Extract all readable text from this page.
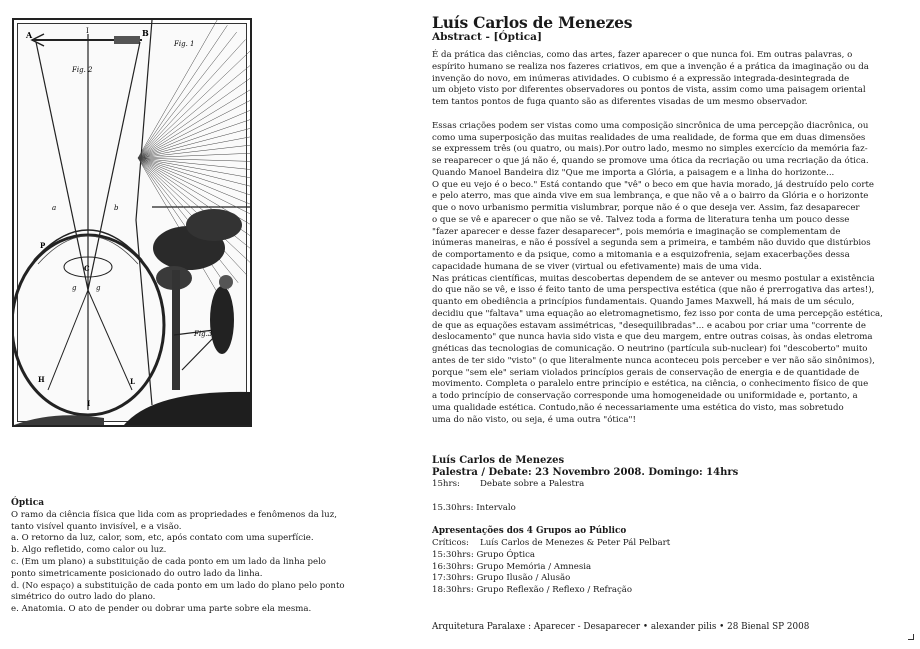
A	B
I
Fig. 1
Fig. 2
Fig.3
a	b
P
C
g	g
H	L
I
Óptica
O ramo da ciência física que lida com as propriedades e fenômenos da luz,
tanto visível quanto invisível, e a visão.
a. O retorno da luz, calor, som, etc, após contato com uma superfície.
b. Algo refletido, como calor ou luz.
c. (Em um plano) a substituição de cada ponto em um lado da linha pelo
ponto simetricamente posicionado do outro lado da linha.
d. (No espaço) a substituição de cada ponto em um lado do plano pelo ponto
simétrico do outro lado do plano.
e. Anatomia. O ato de pender ou dobrar uma parte sobre ela mesma.
Luís Carlos de Menezes
Abstract - [Óptica]
É da prática das ciências, como das artes, fazer aparecer o que nunca foi. Em outras palavras, o
espírito humano se realiza nos fazeres criativos, em que a invenção é a prática da imaginação ou da
invenção do novo, em inúmeras atividades. O cubismo é a expressão integrada-desintegrada de
um objeto visto por diferentes observadores ou pontos de vista, assim como uma paisagem oriental
tem tantos pontos de fuga quanto são as diferentes visadas de um mesmo observador.
Essas criações podem ser vistas como uma composição sincrônica de uma percepção diacrônica, ou
como uma superposição das muitas realidades de uma realidade, de forma que em duas dimensões
se expressem três (ou quatro, ou mais).Por outro lado, mesmo no simples exercício da memória faz-
se reaparecer o que já não é, quando se promove uma ótica da recriação ou uma recriação da ótica.
Quando Manoel Bandeira diz "Que me importa a Glória, a paisagem e a linha do horizonte...
O que eu vejo é o beco." Está contando que "vê" o beco em que havia morado, já destruído pelo corte
e pelo aterro, mas que ainda vive em sua lembrança, e que não vê a o bairro da Glória e o horizonte
que o novo urbanismo permitia vislumbrar, porque não é o que deseja ver. Assim, faz desaparecer
o que se vê e aparecer o que não se vê. Talvez toda a forma de literatura tenha um pouco desse
"fazer aparecer e desse fazer desaparecer", pois memória e imaginação se complementam de
inúmeras maneiras, e não é possível a segunda sem a primeira, e também não duvido que distúrbios
de comportamento e da psique, como a mitomania e a esquizofrenia, sejam exacerbações dessa
capacidade humana de se viver (virtual ou efetivamente) mais de uma vida.
Nas práticas científicas, muitas descobertas dependem de se antever ou mesmo postular a existência
do que não se vê, e isso é feito tanto de uma perspectiva estética (que não é prerrogativa das artes!),
quanto em obediência a princípios fundamentais. Quando James Maxwell, há mais de um século,
decidiu que "faltava" uma equação ao eletromagnetismo, fez isso por conta de uma percepção estética,
de que as equações estavam assimétricas, "desequilibradas"... e acabou por criar uma "corrente de
deslocamento" que nunca havia sido vista e que deu margem, entre outras coisas, às ondas eletroma
gnéticas das tecnologias de comunicação. O neutrino (partícula sub-nuclear) foi "descoberto" muito
antes de ter sido "visto" (o que literalmente nunca aconteceu pois perceber e ver não são sinônimos),
porque "sem ele" seriam violados princípios gerais de conservação de energia e de quantidade de
movimento. Completa o paralelo entre princípio e estética, na ciência, o conhecimento físico de que
a todo princípio de conservação corresponde uma homogeneidade ou uniformidade e, portanto, a
uma qualidade estética. Contudo,não é necessariamente uma estética do visto, mas sobretudo
uma do não visto, ou seja, é uma outra "ótica"!
Luís Carlos de Menezes
Palestra / Debate: 23 Novembro 2008. Domingo: 14hrs
15hrs: Debate sobre a Palestra
15.30hrs: Intervalo
Apresentações dos 4 Grupos ao Público
Críticos: Luís Carlos de Menezes & Peter Pál Pelbart
15:30hrs: Grupo Óptica
16:30hrs: Grupo Memória / Amnesia
17:30hrs: Grupo Ilusão / Alusão
18:30hrs: Grupo Reflexão / Reflexo / Refração
Arquitetura Paralaxe : Aparecer - Desaparecer • alexander pilis • 28 Bienal SP 2008
